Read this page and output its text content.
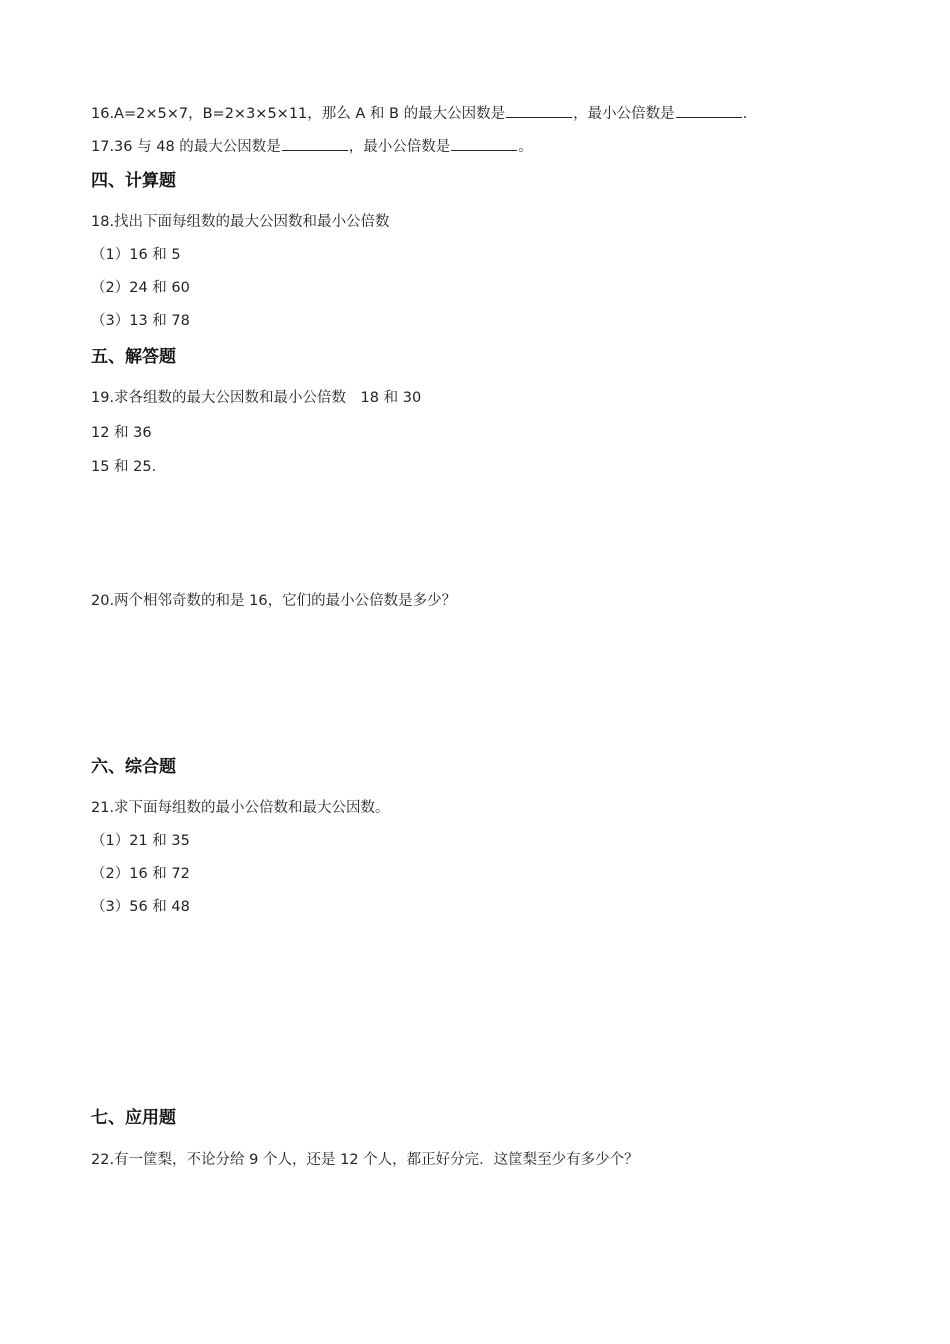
16.A=2×5×7，B=2×3×5×11，那么 A 和 B 的最大公因数是	，最小公倍数是	.
17.36 与 48 的最大公因数是	，最小公倍数是	。
四、计算题
18.找出下面每组数的最大公因数和最小公倍数
（1）16 和 5
（2）24 和 60
（3）13 和 78
五、解答题
19.求各组数的最大公因数和最小公倍数　18 和 30
12 和 36
15 和 25.
20.两个相邻奇数的和是 16，它们的最小公倍数是多少？
六、综合题
21.求下面每组数的最小公倍数和最大公因数。
（1）21 和 35
（2）16 和 72
（3）56 和 48
七、应用题
22.有一筐梨，不论分给 9 个人，还是 12 个人，都正好分完．这筐梨至少有多少个？
